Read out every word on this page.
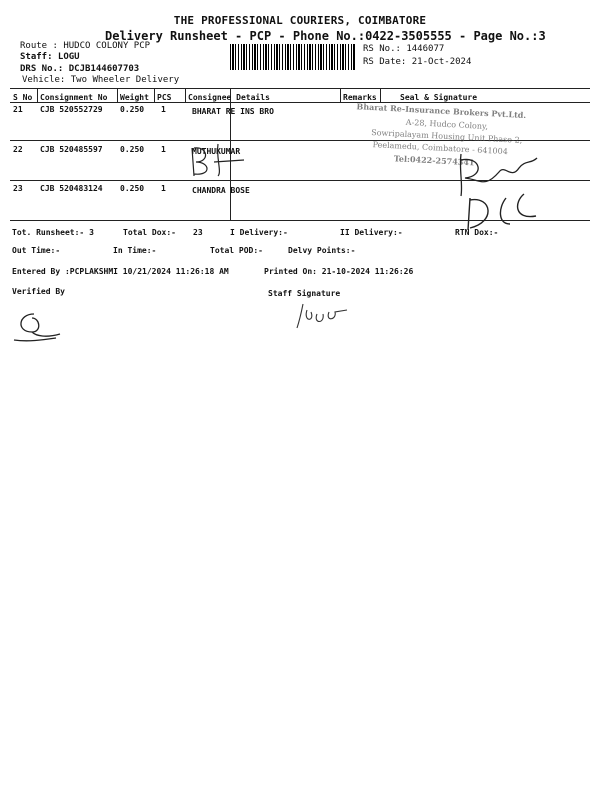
THE PROFESSIONAL COURIERS, COIMBATORE
Delivery Runsheet - PCP - Phone No.:0422-3505555 - Page No.:3
Route : HUDCO COLONY PCP
Staff: LOGU
DRS No.: DCJB144607703
Vehicle: Two Wheeler Delivery
RS No.: 1446077
RS Date: 21-Oct-2024
S No Consignment No Weight PCS Consignee Details	Remarks	Seal & Signature
21 CJB 520552729 0.250 1	BHARAT RE INS BRO
22 CJB 520485597 0.250 1	MUTHUKUMAR
23 CJB 520483124 0.250 1	CHANDRA BOSE
Bharat Re-Insurance Brokers Pvt.Ltd.
A-28, Hudco Colony,
Sowripalayam Housing Unit Phase-2,
Peelamedu, Coimbatore - 641004
Tel:0422-2574341
Tot. Runsheet:- 3	Total Dox:- 23	I Delivery:-	II Delivery:-	RTN Dox:-
Out Time:-	In Time:-	Total POD:-	Delvy Points:-
Entered By :PCPLAKSHMI 10/21/2024 11:26:18 AM	Printed On: 21-10-2024 11:26:26
Verified By	Staff Signature
